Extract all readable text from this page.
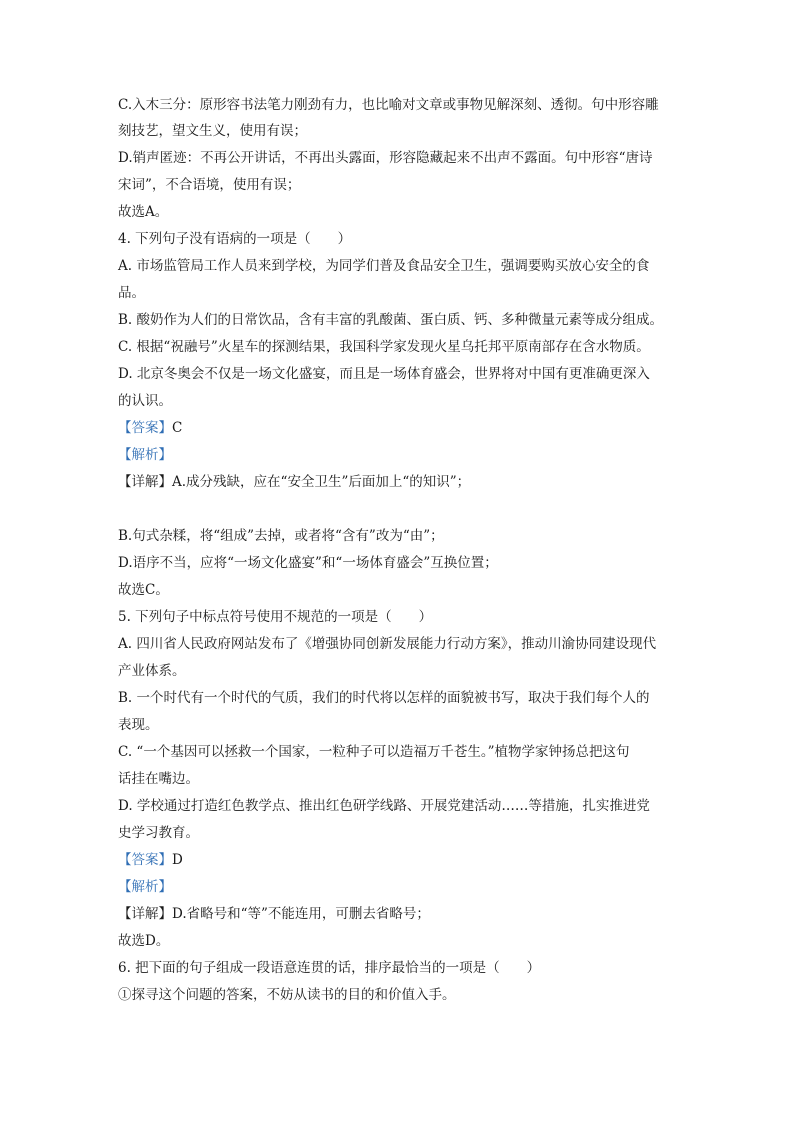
C.入木三分：原形容书法笔力刚劲有力，也比喻对文章或事物见解深刻、透彻。句中形容雕
刻技艺，望文生义，使用有误；
D.销声匿迹：不再公开讲话，不再出头露面，形容隐藏起来不出声不露面。句中形容“唐诗
宋词”，不合语境，使用有误；
故选A。
4. 下列句子没有语病的一项是（　　）
A. 市场监管局工作人员来到学校，为同学们普及食品安全卫生，强调要购买放心安全的食
品。
B. 酸奶作为人们的日常饮品，含有丰富的乳酸菌、蛋白质、钙、多种微量元素等成分组成。
C. 根据“祝融号”火星车的探测结果，我国科学家发现火星乌托邦平原南部存在含水物质。
D. 北京冬奥会不仅是一场文化盛宴，而且是一场体育盛会，世界将对中国有更准确更深入
的认识。
【答案】C
【解析】
【详解】A.成分残缺，应在“安全卫生”后面加上“的知识”；
B.句式杂糅，将“组成”去掉，或者将“含有”改为“由”；
D.语序不当，应将“一场文化盛宴”和“一场体育盛会”互换位置；
故选C。
5. 下列句子中标点符号使用不规范的一项是（　　）
A. 四川省人民政府网站发布了《增强协同创新发展能力行动方案》，推动川渝协同建设现代
产业体系。
B. 一个时代有一个时代的气质，我们的时代将以怎样的面貌被书写，取决于我们每个人的
表现。
C. “一个基因可以拯救一个国家，一粒种子可以造福万千苍生。”植物学家钟扬总把这句
话挂在嘴边。
D. 学校通过打造红色教学点、推出红色研学线路、开展党建活动……等措施，扎实推进党
史学习教育。
【答案】D
【解析】
【详解】D.省略号和“等”不能连用，可删去省略号；
故选D。
6. 把下面的句子组成一段语意连贯的话，排序最恰当的一项是（　　）
①探寻这个问题的答案，不妨从读书的目的和价值入手。
